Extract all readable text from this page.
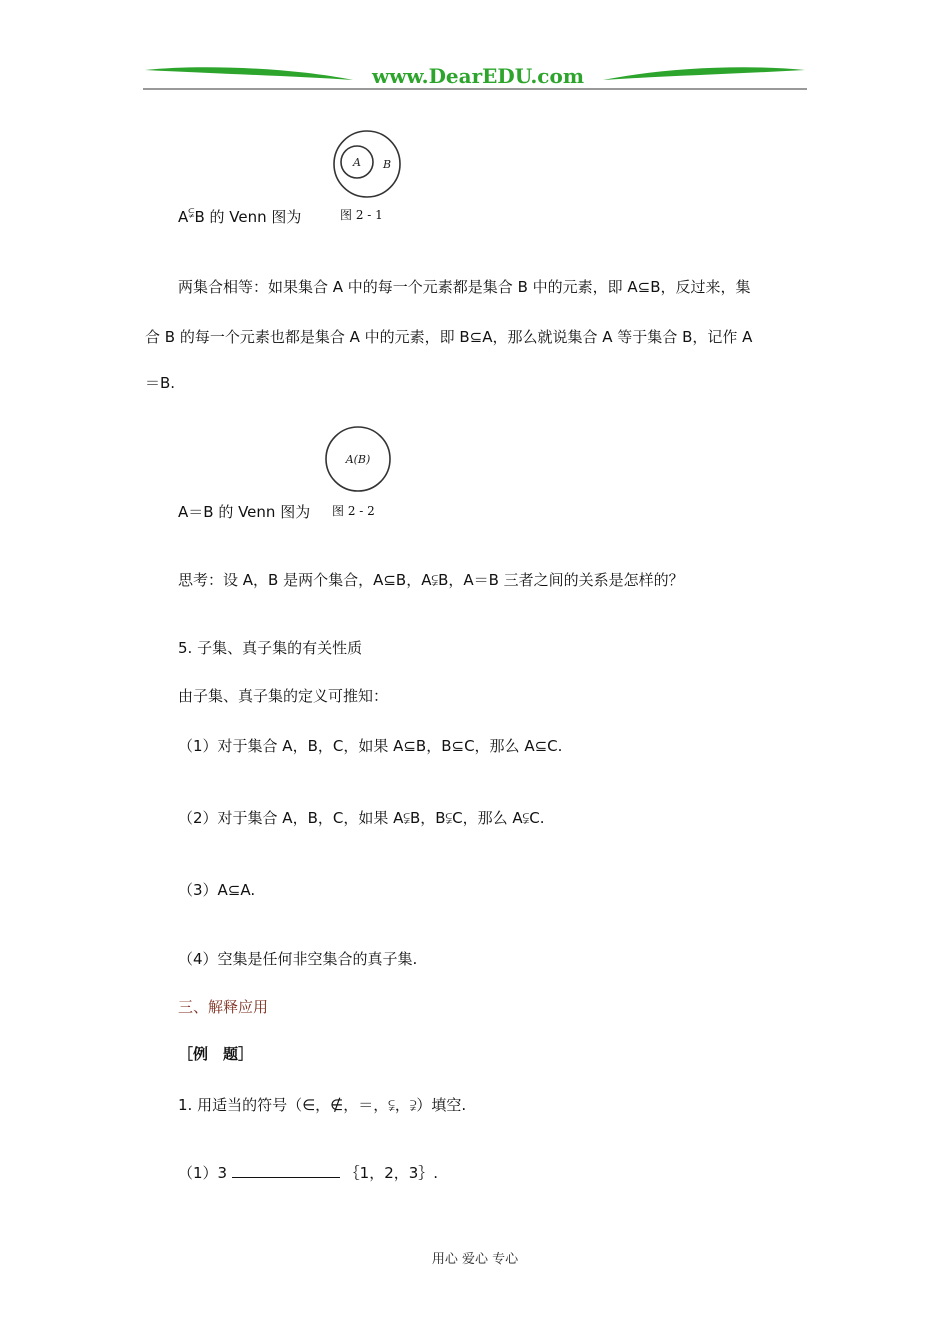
www.DearEDU.com
A B
图 2 - 1
A⫋B 的 Venn 图为
两集合相等：如果集合 A 中的每一个元素都是集合 B 中的元素，即 A⊆B，反过来，集
合 B 的每一个元素也都是集合 A 中的元素，即 B⊆A，那么就说集合 A 等于集合 B，记作 A
＝B.
A(B)
图 2 - 2
A＝B 的 Venn 图为
思考：设 A，B 是两个集合，A⊆B，A⫋B，A＝B 三者之间的关系是怎样的？
5. 子集、真子集的有关性质
由子集、真子集的定义可推知：
（1）对于集合 A，B，C，如果 A⊆B，B⊆C，那么 A⊆C.
（2）对于集合 A，B，C，如果 A⫋B，B⫋C，那么 A⫋C.
（3）A⊆A.
（4）空集是任何非空集合的真子集.
三、解释应用
［例　题］
1. 用适当的符号（∈，∉，＝，⫋，⫌）填空.
（1）3	｛1，2，3｝.
用心 爱心 专心
